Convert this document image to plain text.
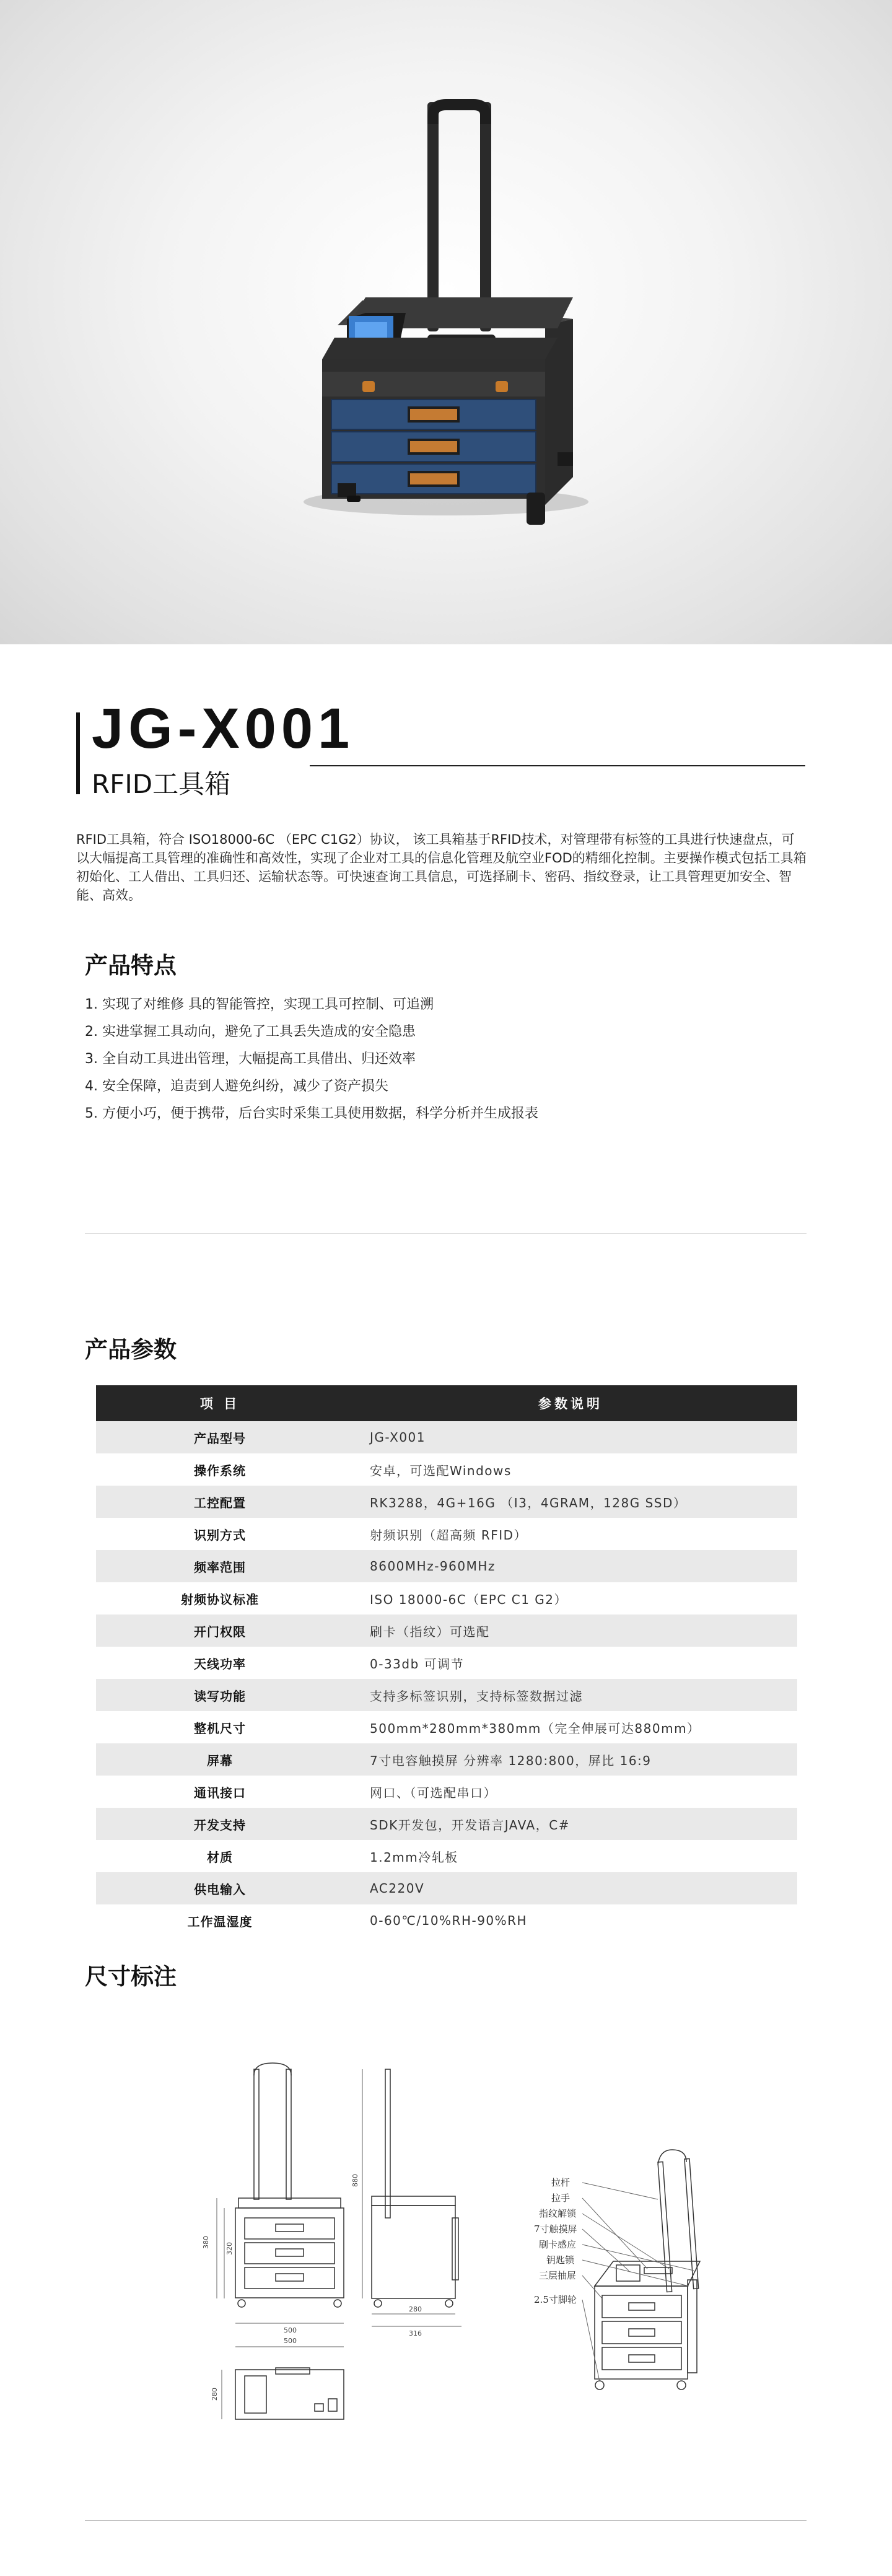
JG-X001
RFID工具箱

RFID工具箱，符合 ISO18000-6C （EPC C1G2）协议， 该工具箱基于RFID技术，对管理带有标签的工具进行快速盘点，可以大幅提高工具管理的准确性和高效性，实现了企业对工具的信息化管理及航空业FOD的精细化控制。主要操作模式包括工具箱初始化、工人借出、工具归还、运输状态等。可快速查询工具信息，可选择刷卡、密码、指纹登录，让工具管理更加安全、智能、高效。

产品特点
1. 实现了对维修 具的智能管控，实现工具可控制、可追溯
2. 实进掌握工具动向，避免了工具丢失造成的安全隐患
3. 全自动工具进出管理，大幅提高工具借出、归还效率
4. 安全保障，追责到人避免纠纷，减少了资产损失
5. 方便小巧，便于携带，后台实时采集工具使用数据，科学分析并生成报表
产品参数
项 目	参数说明
产品型号	JG-X001
操作系统	安卓，可选配Windows
工控配置	RK3288，4G+16G （I3，4GRAM，128G SSD）
识别方式	射频识别（超高频 RFID）
频率范围	8600MHz-960MHz
射频协议标准	ISO 18000-6C（EPC C1 G2）
开门权限	刷卡（指纹）可选配
天线功率	0-33db 可调节
读写功能	支持多标签识别，支持标签数据过滤
整机尺寸	500mm*280mm*380mm（完全伸展可达880mm）
屏幕	7寸电容触摸屏 分辨率 1280:800，屏比 16:9
通讯接口	网口、（可选配串口）
开发支持	SDK开发包，开发语言JAVA，C#
材质	1.2mm冷轧板
供电输入	AC220V
工作温湿度	0-60℃/10%RH-90%RH
尺寸标注
380 320
500
880
280
316
500
280
拉杆
拉手
指纹解锁
7寸触摸屏
刷卡感应
钥匙锁
三层抽屉
2.5寸脚轮
